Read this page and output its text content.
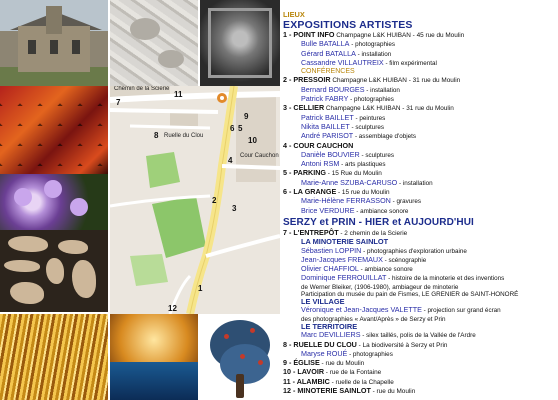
Chemin de la Scierie
Ruelle du Clou
Cour Cauchon
11
7
8
6 5
10
4
2
3
1
12
9
LIEUX
EXPOSITIONS ARTISTES
1 - POINT INFO Champagne L&K HUIBAN - 45 rue du Moulin
Bulle BATALLA - photographies
Gérard BATALLA - installation
Cassandre VILLAUTREIX - film expérimental
CONFÉRENCES
2 - PRESSOIR Champagne L&K HUIBAN - 31 rue du Moulin
Bernard BOURGES - installation
Patrick FABRY - photographies
3 - CELLIER Champagne L&K HUIBAN - 31 rue du Moulin
Patrick BAILLET - peintures
Nikita BAILLET - sculptures
André PARISOT - assemblage d'objets
4 - COUR CAUCHON
Danièle BOUVIER - sculptures
Antoni RSM - arts plastiques
5 - PARKING - 15 Rue du Moulin
Marie-Anne SZUBA-CARUSO - installation
6 - LA GRANGE - 15 rue du Moulin
Marie-Hélène FERRASSON - gravures
Brice VERDURE - ambiance sonore
SERZY et PRIN - HIER et AUJOURD'HUI
7 - L'ENTREPÔT - 2 chemin de la Scierie
LA MINOTERIE SAINLOT
Sébastien LOPPIN - photographies d'exploration urbaine
Jean-Jacques FREMAUX - scénographie
Olivier CHAFFIOL - ambiance sonore
Dominique FERROUILLAT - histoire de la minoterie et des inventions
de Werner Bleiker, (1906-1980), ambiageur de minoterie
Participation du musée du pain de Fismes, LE GRENIER de SAINT-HONORÉ
LE VILLAGE
Véronique et Jean-Jacques VALETTE - projection sur grand écran
des photographies « Avant/Après » de Serzy et Prin
LE TERRITOIRE
Marc DEVILLIERS - silex taillés, polis de la Vallée de l'Ardre
8 - RUELLE DU CLOU - La biodiversité à Serzy et Prin
Maryse ROUÉ - photographies
9 - ÉGLISE - rue du Moulin
10 - LAVOIR - rue de la Fontaine
11 - ALAMBIC - ruelle de la Chapelle
12 - MINOTERIE SAINLOT - rue du Moulin
